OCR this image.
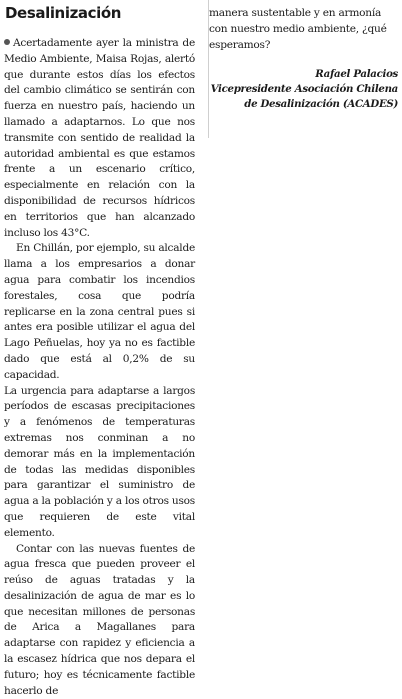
Desalinización

Acertadamente ayer la ministra de Medio Ambiente, Maisa Rojas, alertó que durante estos días los efectos del cambio climático se sentirán con fuerza en nuestro país, haciendo un llamado a adaptarnos. Lo que nos transmite con sentido de realidad la autoridad ambiental es que estamos frente a un escenario crítico, especialmente en relación con la disponibilidad de recursos hídricos en territorios que han alcanzado incluso los 43°C.

En Chillán, por ejemplo, su alcalde llama a los empresarios a donar agua para combatir los incendios forestales, cosa que podría replicarse en la zona central pues si antes era posible utilizar el agua del Lago Peñuelas, hoy ya no es factible dado que está al 0,2% de su capacidad.

La urgencia para adaptarse a largos períodos de escasas precipitaciones y a fenómenos de temperaturas extremas nos conminan a no demorar más en la implementación de todas las medidas disponibles para garantizar el suministro de agua a la población y a los otros usos que requieren de este vital elemento.

Contar con las nuevas fuentes de agua fresca que pueden proveer el reúso de aguas tratadas y la desalinización de agua de mar es lo que necesitan millones de personas de Arica a Magallanes para adaptarse con rapidez y eficiencia a la escasez hídrica que nos depara el futuro; hoy es técnicamente factible hacerlo de

manera sustentable y en armonía con nuestro medio ambiente, ¿qué esperamos?

Rafael Palacios
Vicepresidente Asociación Chilena
de Desalinización (ACADES)
